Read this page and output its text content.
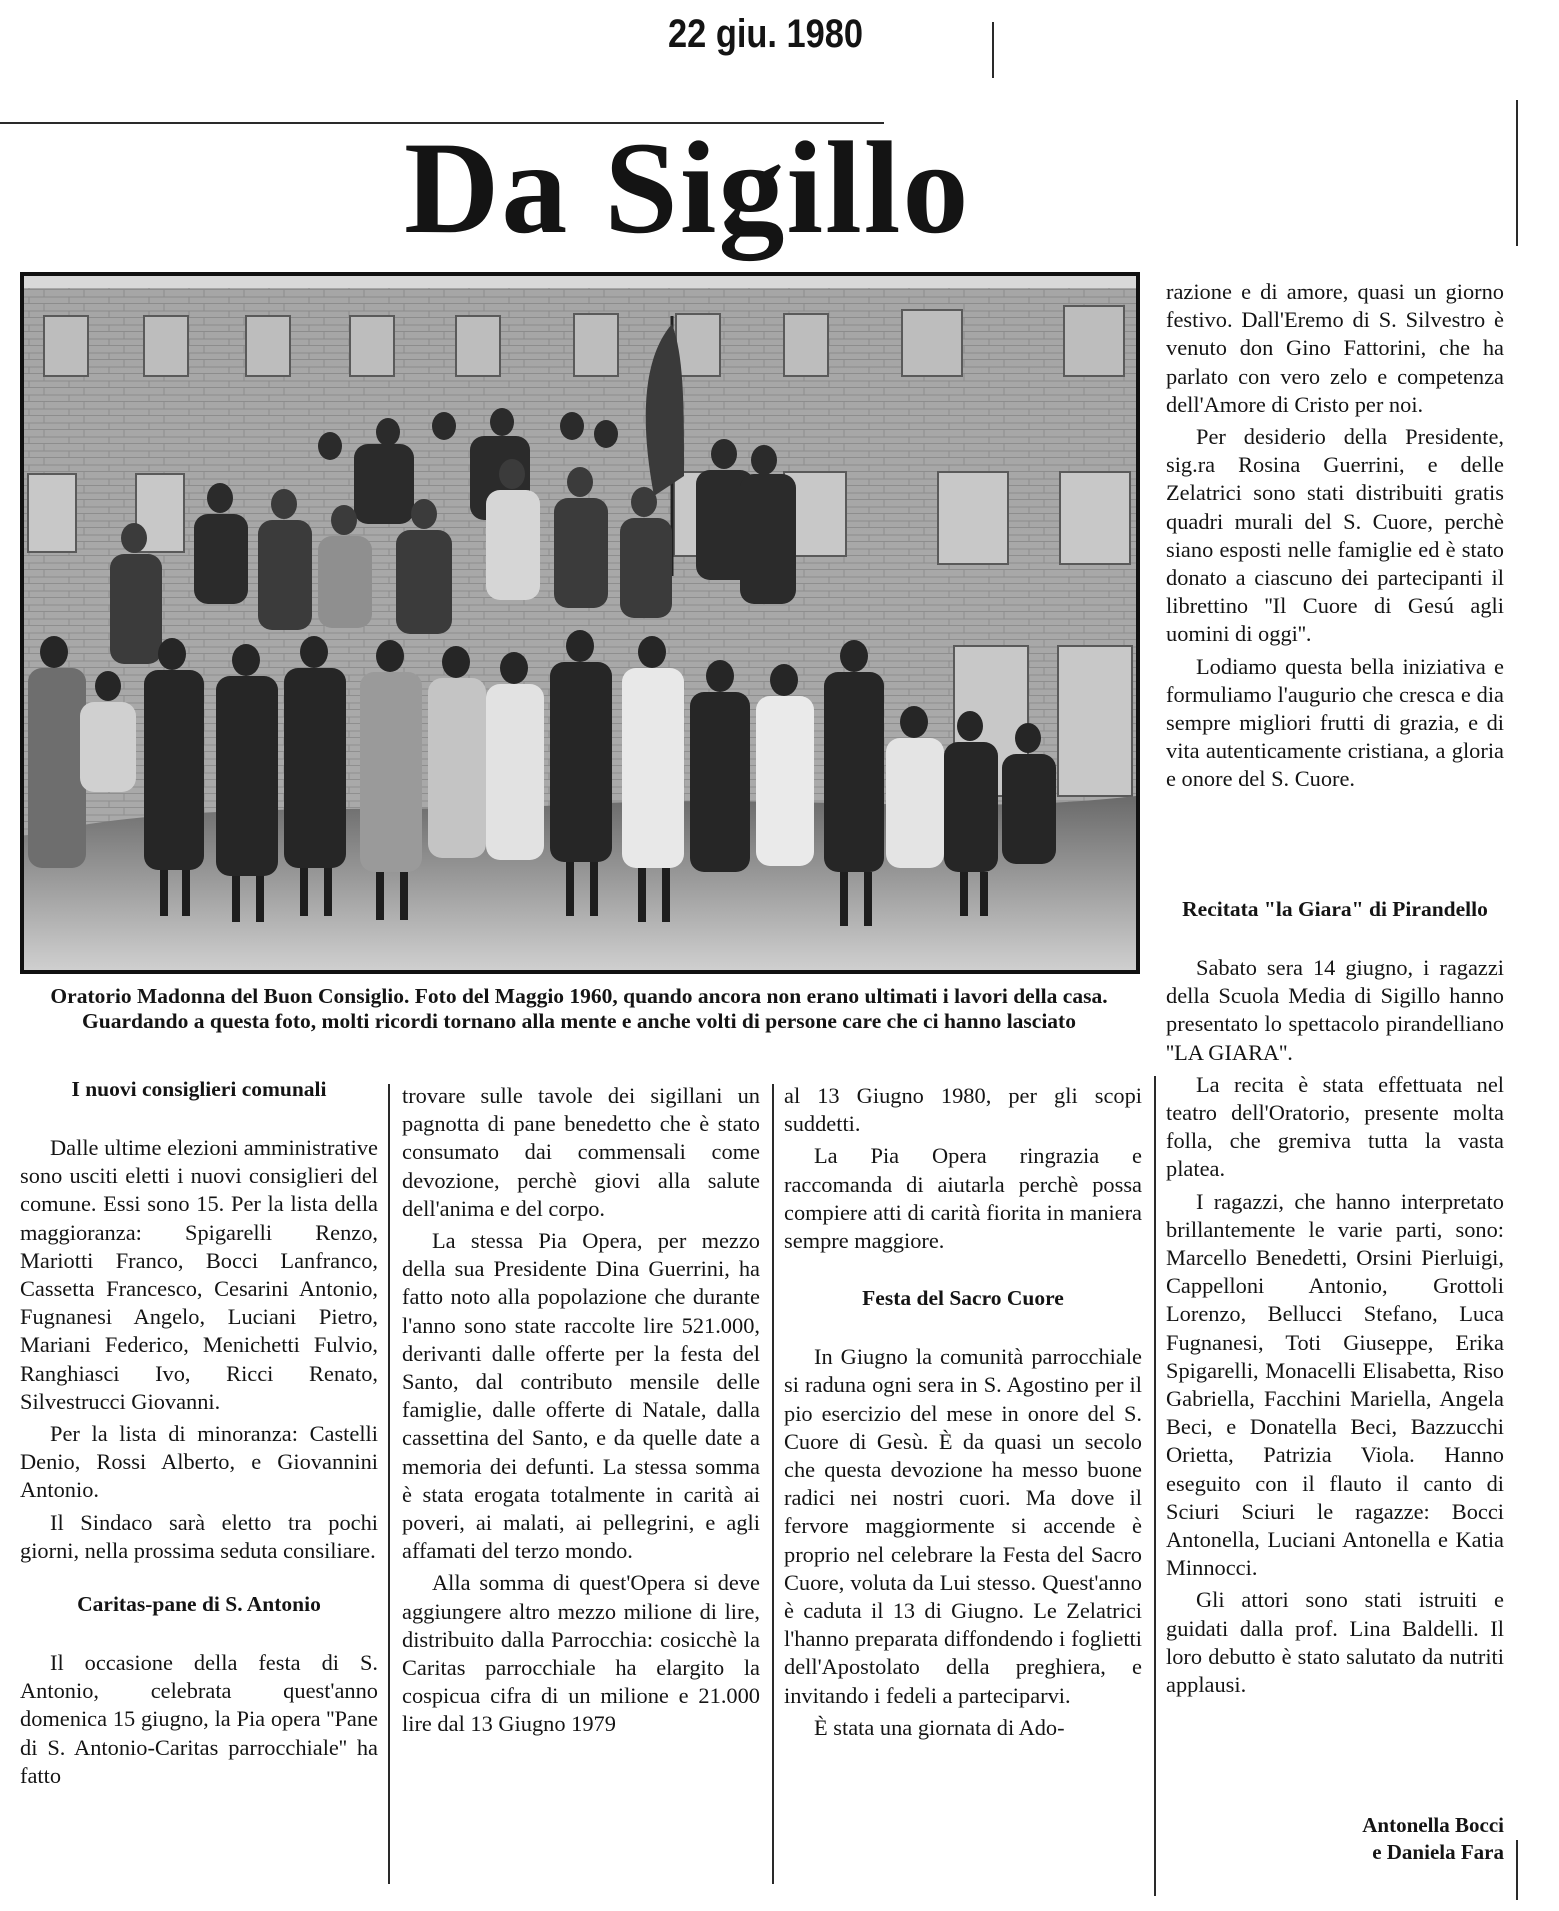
22 giu. 1980
Da Sigillo
Oratorio Madonna del Buon Consiglio. Foto del Maggio 1960, quando ancora non erano ultimati i lavori della casa. Guardando a questa foto, molti ricordi tornano alla mente e anche volti di persone care che ci hanno lasciato

razione e di amore, quasi un giorno festivo. Dall'Eremo di S. Silvestro è venuto don Gino Fattorini, che ha parlato con vero zelo e competenza dell'Amore di Cristo per noi.

Per desiderio della Presidente, sig.ra Rosina Guerrini, e delle Zelatrici sono stati distribuiti gratis quadri murali del S. Cuore, perchè siano esposti nelle famiglie ed è stato donato a ciascuno dei partecipanti il librettino ''Il Cuore di Gesú agli uomini di oggi''.

Lodiamo questa bella iniziativa e formuliamo l'augurio che cresca e dia sempre migliori frutti di grazia, e di vita autenticamente cristiana, a gloria e onore del S. Cuore.

Recitata "la Giara" di Pirandello

Sabato sera 14 giugno, i ragazzi della Scuola Media di Sigillo hanno presentato lo spettacolo pirandelliano ''LA GIARA''.

La recita è stata effettuata nel teatro dell'Oratorio, presente molta folla, che gremiva tutta la vasta platea.

I ragazzi, che hanno interpretato brillantemente le varie parti, sono: Marcello Benedetti, Orsini Pierluigi, Cappelloni Antonio, Grottoli Lorenzo, Bellucci Stefano, Luca Fugnanesi, Toti Giuseppe, Erika Spigarelli, Monacelli Elisabetta, Riso Gabriella, Facchini Mariella, Angela Beci, e Donatella Beci, Bazzucchi Orietta, Patrizia Viola. Hanno eseguito con il flauto il canto di Sciuri Sciuri le ragazze: Bocci Antonella, Luciani Antonella e Katia Minnocci.

Gli attori sono stati istruiti e guidati dalla prof. Lina Baldelli. Il loro debutto è stato salutato da nutriti applausi.

Antonella Bocci
e Daniela Fara
I nuovi consiglieri comunali

Dalle ultime elezioni amministrative sono usciti eletti i nuovi consiglieri del comune. Essi sono 15. Per la lista della maggioranza: Spigarelli Renzo, Mariotti Franco, Bocci Lanfranco, Cassetta Francesco, Cesarini Antonio, Fugnanesi Angelo, Luciani Pietro, Mariani Federico, Menichetti Fulvio, Ranghiasci Ivo, Ricci Renato, Silvestrucci Giovanni.

Per la lista di minoranza: Castelli Denio, Rossi Alberto, e Giovannini Antonio.

Il Sindaco sarà eletto tra pochi giorni, nella prossima seduta consiliare.

Caritas-pane di S. Antonio

Il occasione della festa di S. Antonio, celebrata quest'anno domenica 15 giugno, la Pia opera ''Pane di S. Antonio-Caritas parrocchiale'' ha fatto

trovare sulle tavole dei sigillani un pagnotta di pane benedetto che è stato consumato dai commensali come devozione, perchè giovi alla salute dell'anima e del corpo.

La stessa Pia Opera, per mezzo della sua Presidente Dina Guerrini, ha fatto noto alla popolazione che durante l'anno sono state raccolte lire 521.000, derivanti dalle offerte per la festa del Santo, dal contributo mensile delle famiglie, dalle offerte di Natale, dalla cassettina del Santo, e da quelle date a memoria dei defunti. La stessa somma è stata erogata totalmente in carità ai poveri, ai malati, ai pellegrini, e agli affamati del terzo mondo.

Alla somma di quest'Opera si deve aggiungere altro mezzo milione di lire, distribuito dalla Parrocchia: cosicchè la Caritas parrocchiale ha elargito la cospicua cifra di un milione e 21.000 lire dal 13 Giugno 1979

al 13 Giugno 1980, per gli scopi suddetti.

La Pia Opera ringrazia e raccomanda di aiutarla perchè possa compiere atti di carità fiorita in maniera sempre maggiore.

Festa del Sacro Cuore

In Giugno la comunità parrocchiale si raduna ogni sera in S. Agostino per il pio esercizio del mese in onore del S. Cuore di Gesù. È da quasi un secolo che questa devozione ha messo buone radici nei nostri cuori. Ma dove il fervore maggiormente si accende è proprio nel celebrare la Festa del Sacro Cuore, voluta da Lui stesso. Quest'anno è caduta il 13 di Giugno. Le Zelatrici l'hanno preparata diffondendo i foglietti dell'Apostolato della preghiera, e invitando i fedeli a parteciparvi.

È stata una giornata di Ado-
